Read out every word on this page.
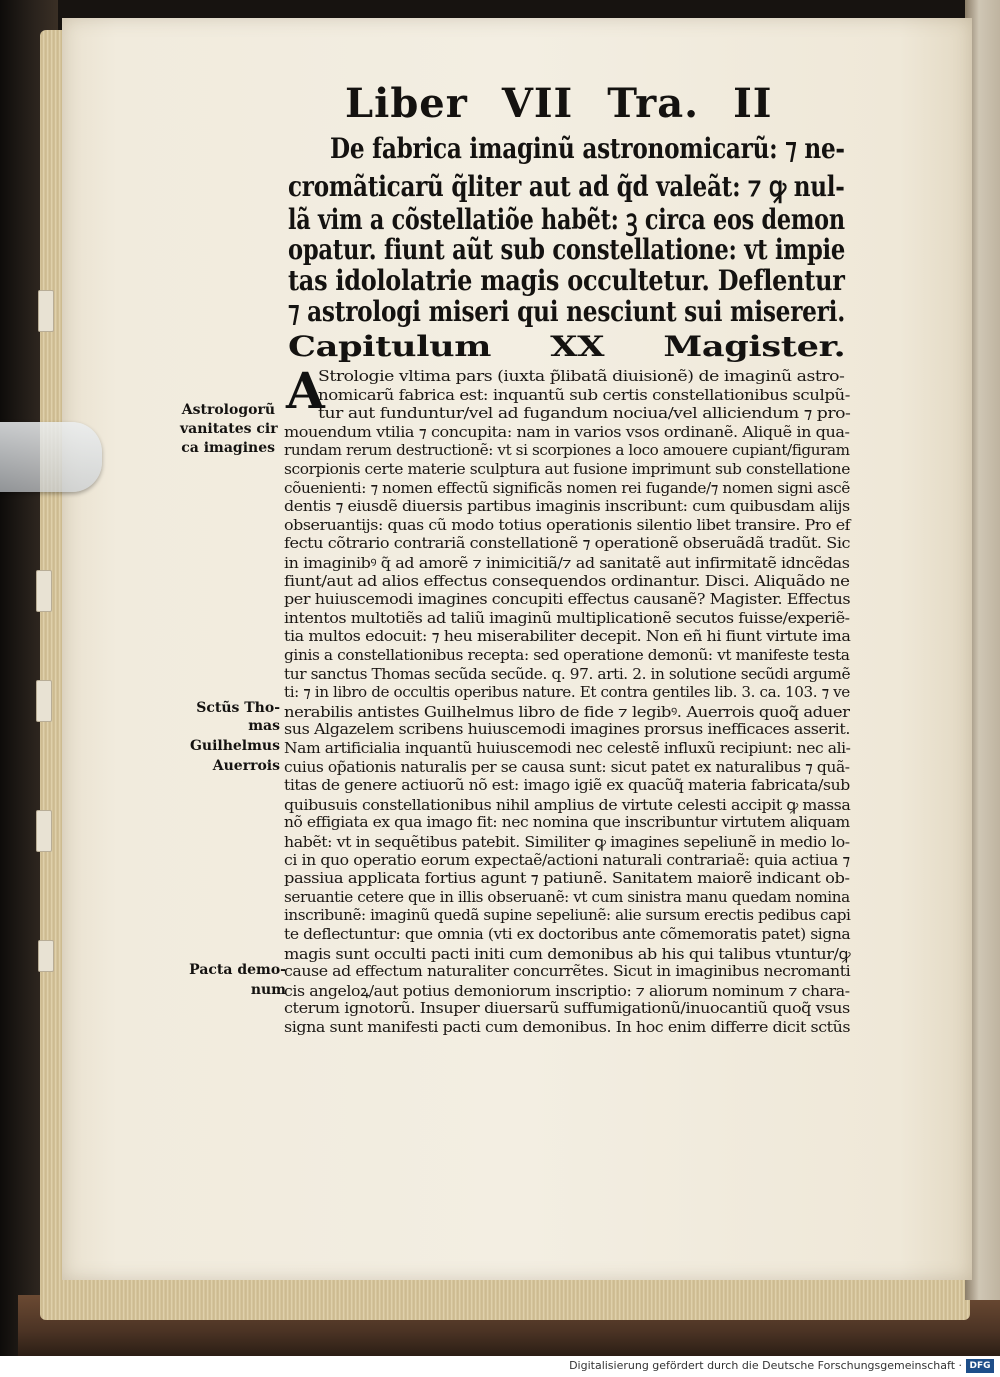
Liber VII Tra. II
De fabrica imaginũ astronomicarũ: ⁊ ne-
cromãticarũ q̃liter aut ad q̃d valeãt: ⁊ ꝙ nul-
lã vim a cõstellatiõe habẽt: ꝫ circa eos demon
opatur. fiunt aũt sub constellatione: vt impie
tas idololatrie magis occultetur. Deflentur
⁊ astrologi miseri qui nesciunt sui misereri.
Capitulum     XX     Magister.
A
Strologie vltima pars (iuxta p̃libatã diuisionẽ) de imaginũ astro-
nomicarũ fabrica est: inquantũ sub certis constellationibus sculpũ-
tur aut funduntur/vel ad fugandum nociua/vel alliciendum ⁊ pro-
mouendum vtilia ⁊ concupita: nam in varios vsos ordinanẽ. Aliquẽ in qua-
rundam rerum destructionẽ: vt si scorpiones a loco amouere cupiant/figuram
scorpionis certe materie sculptura aut fusione imprimunt sub constellatione
cõuenienti: ⁊ nomen effectũ significãs nomen rei fugande/⁊ nomen signi ascẽ
dentis ⁊ eiusdẽ diuersis partibus imaginis inscribunt: cum quibusdam alijs
obseruantijs: quas cũ modo totius operationis silentio libet transire. Pro ef
fectu cõtrario contrariã constellationẽ ⁊ operationẽ obseruãdã tradũt. Sic
in imaginibꝰ q̃ ad amorẽ ⁊ inimicitiã/⁊ ad sanitatẽ aut infirmitatẽ idncẽdas
fiunt/aut ad alios effectus consequendos ordinantur. Disci. Aliquãdo ne
per huiuscemodi imagines concupiti effectus causanẽ? Magister. Effectus
intentos multotiẽs ad taliũ imaginũ multiplicationẽ secutos fuisse/experiẽ-
tia multos edocuit: ⁊ heu miserabiliter decepit. Non eñ hi fiunt virtute ima
ginis a constellationibus recepta: sed operatione demonũ: vt manifeste testa
tur sanctus Thomas secũda secũde. q. 97. arti. 2. in solutione secũdi argumẽ
ti: ⁊ in libro de occultis operibus nature. Et contra gentiles lib. 3. ca. 103. ⁊ ve
nerabilis antistes Guilhelmus libro de fide ⁊ legibꝰ. Auerrois quoq̃ aduer
sus Algazelem scribens huiuscemodi imagines prorsus inefficaces asserit.
Nam artificialia inquantũ huiuscemodi nec celestẽ influxũ recipiunt: nec ali-
cuius op̃ationis naturalis per se causa sunt: sicut patet ex naturalibus ⁊ quã-
titas de genere actiuorũ nõ est: imago igiẽ ex quacũq̃ materia fabricata/sub
quibusuis constellationibus nihil amplius de virtute celesti accipit ꝙ massa
nõ effigiata ex qua imago fit: nec nomina que inscribuntur virtutem aliquam
habẽt: vt in sequẽtibus patebit. Similiter ꝙ imagines sepeliunẽ in medio lo-
ci in quo operatio eorum expectaẽ/actioni naturali contrariaẽ: quia actiua ⁊
passiua applicata fortius agunt ⁊ patiunẽ. Sanitatem maiorẽ indicant ob-
seruantie cetere que in illis obseruanẽ: vt cum sinistra manu quedam nomina
inscribunẽ: imaginũ quedã supine sepeliunẽ: alie sursum erectis pedibus capi
te deflectuntur: que omnia (vti ex doctoribus ante cõmemoratis patet) signa
magis sunt occulti pacti initi cum demonibus ab his qui talibus vtuntur/ꝙ
cause ad effectum naturaliter concurrẽtes. Sicut in imaginibus necromanti
cis angeloꝝ/aut potius demoniorum inscriptio: ⁊ aliorum nominum ⁊ chara-
cterum ignotorũ. Insuper diuersarũ suffumigationũ/inuocantiũ quoq̃ vsus
signa sunt manifesti pacti cum demonibus. In hoc enim differre dicit sctũs
Astrologorũ
vanitates cir
ca imagines
Sctũs Tho-
mas
Guilhelmus
Auerrois
Pacta demo-
num
Digitalisierung gefördert durch die Deutsche Forschungsgemeinschaft · DFG
